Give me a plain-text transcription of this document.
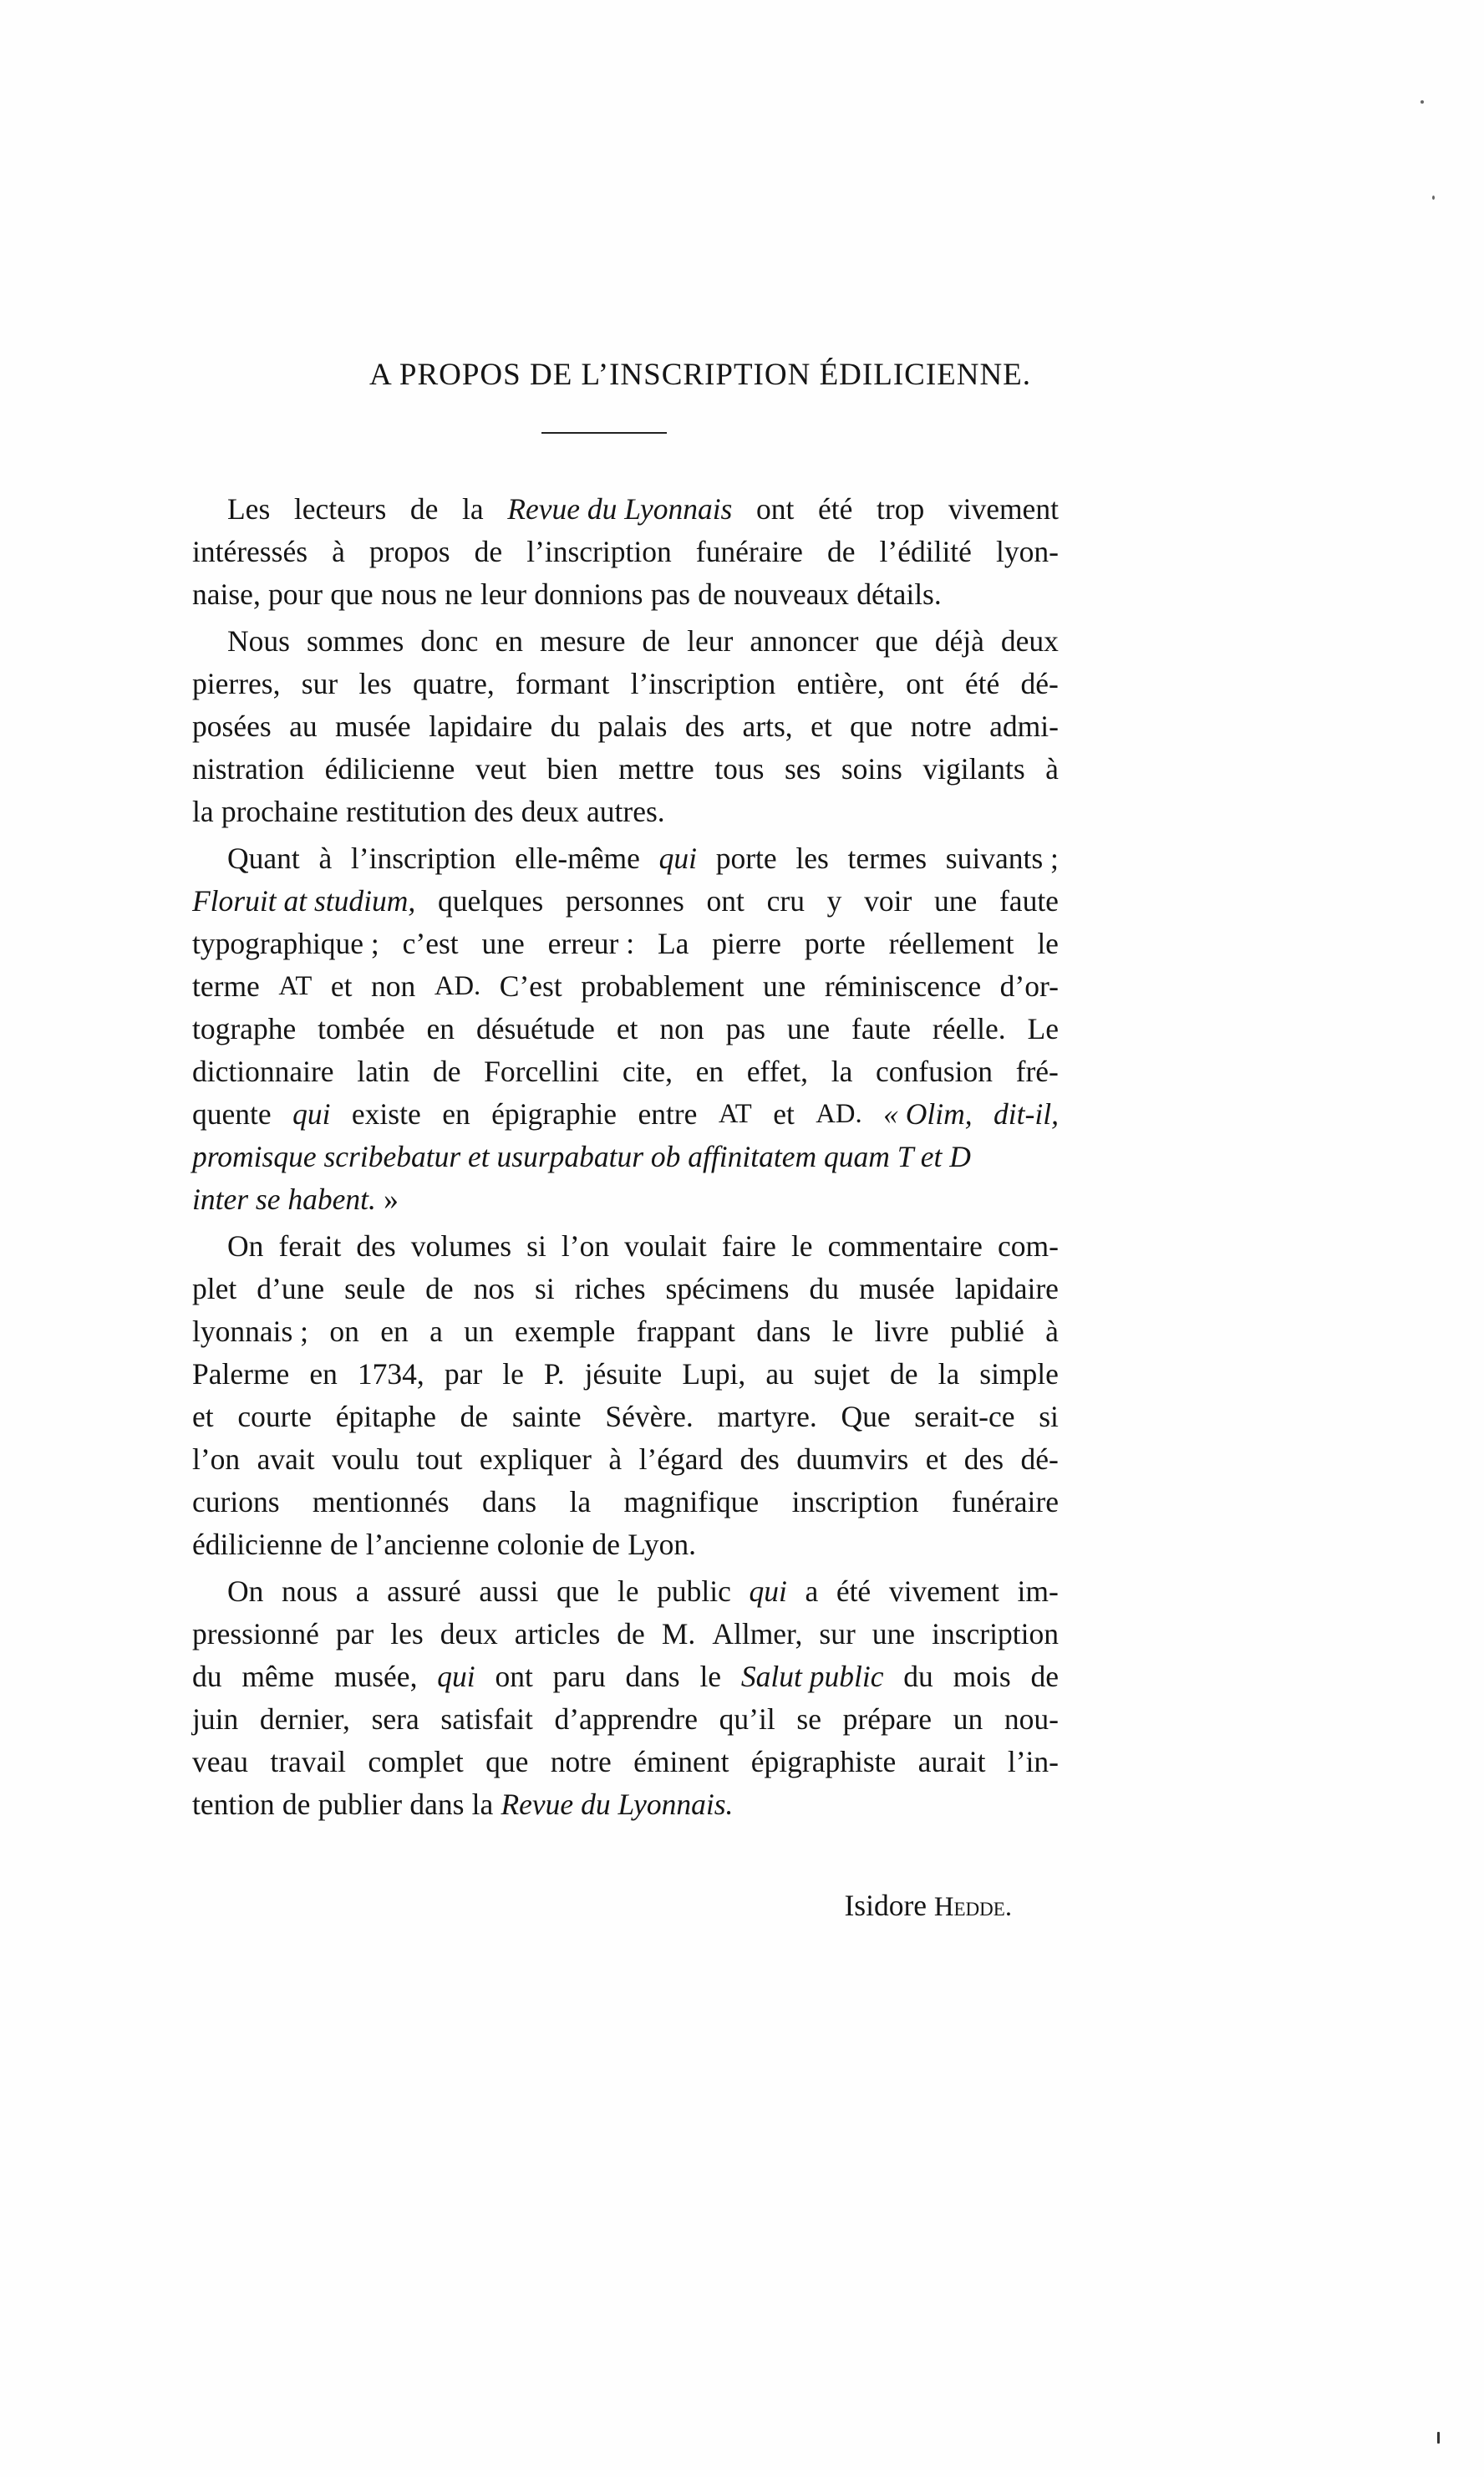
A PROPOS DE L’INSCRIPTION ÉDILICIENNE.
Les lecteurs de la Revue du Lyonnais ont été trop vivement
intéressés à propos de l’inscription funéraire de l’édilité lyon-
naise, pour que nous ne leur donnions pas de nouveaux détails.
Nous sommes donc en mesure de leur annoncer que déjà deux
pierres, sur les quatre, formant l’inscription entière, ont été dé-
posées au musée lapidaire du palais des arts, et que notre admi-
nistration édilicienne veut bien mettre tous ses soins vigilants à
la prochaine restitution des deux autres.
Quant à l’inscription elle-même qui porte les termes suivants ;
Floruit at studium, quelques personnes ont cru y voir une faute
typographique ; c’est une erreur : La pierre porte réellement le
terme AT et non AD. C’est probablement une réminiscence d’or-
tographe tombée en désuétude et non pas une faute réelle. Le
dictionnaire latin de Forcellini cite, en effet, la confusion fré-
quente qui existe en épigraphie entre AT et AD. « Olim, dit-il,
promisque scribebatur et usurpabatur ob affinitatem quam T et D
inter se habent. »
On ferait des volumes si l’on voulait faire le commentaire com-
plet d’une seule de nos si riches spécimens du musée lapidaire
lyonnais ; on en a un exemple frappant dans le livre publié à
Palerme en 1734, par le P. jésuite Lupi, au sujet de la simple
et courte épitaphe de sainte Sévère. martyre. Que serait-ce si
l’on avait voulu tout expliquer à l’égard des duumvirs et des dé-
curions mentionnés dans la magnifique inscription funéraire
édilicienne de l’ancienne colonie de Lyon.
On nous a assuré aussi que le public qui a été vivement im-
pressionné par les deux articles de M. Allmer, sur une inscription
du même musée, qui ont paru dans le Salut public du mois de
juin dernier, sera satisfait d’apprendre qu’il se prépare un nou-
veau travail complet que notre éminent épigraphiste aurait l’in-
tention de publier dans la Revue du Lyonnais.
Isidore Hedde.
